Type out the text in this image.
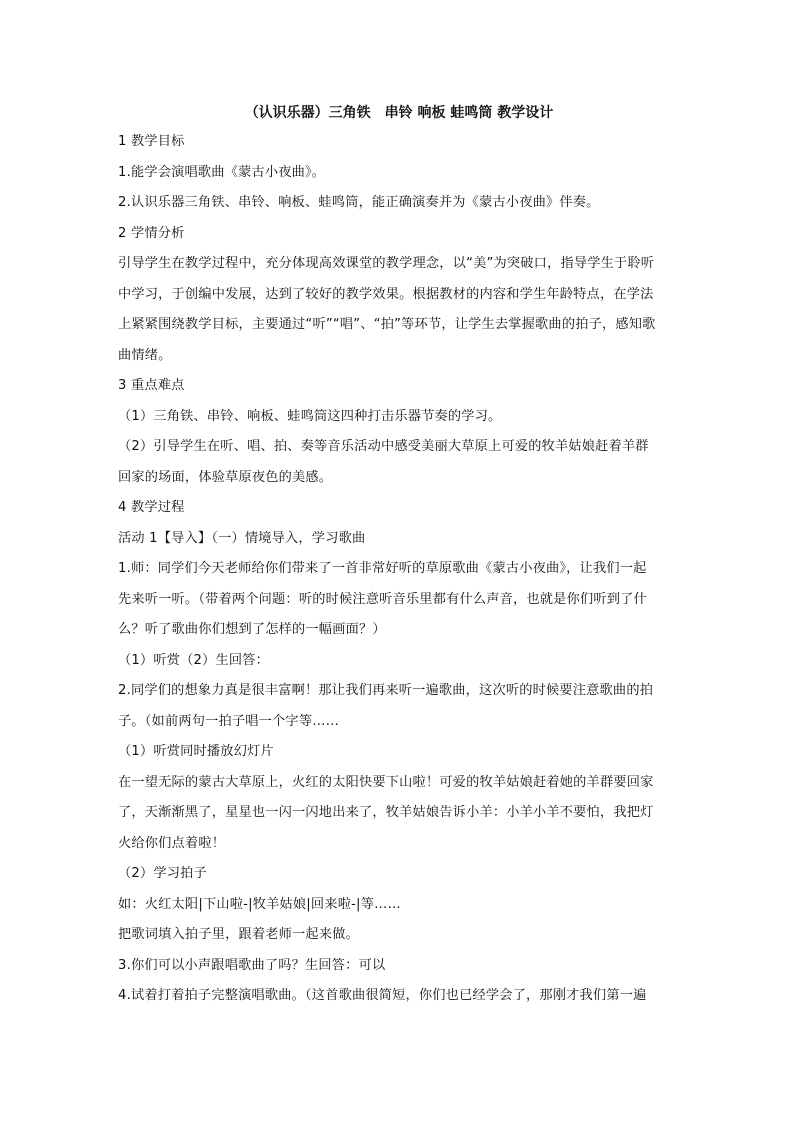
（认识乐器）三角铁　串铃 响板 蛙鸣筒 教学设计
1 教学目标
1.能学会演唱歌曲《蒙古小夜曲》。
2.认识乐器三角铁、串铃、响板、蛙鸣筒，能正确演奏并为《蒙古小夜曲》伴奏。
2 学情分析
引导学生在教学过程中，充分体现高效课堂的教学理念，以“美”为突破口，指导学生于聆听
中学习，于创编中发展，达到了较好的教学效果。根据教材的内容和学生年龄特点，在学法
上紧紧围绕教学目标，主要通过“听”“唱”、“拍”等环节，让学生去掌握歌曲的拍子，感知歌
曲情绪。
3 重点难点
（1）三角铁、串铃、响板、蛙鸣筒这四种打击乐器节奏的学习。
（2）引导学生在听、唱、拍、奏等音乐活动中感受美丽大草原上可爱的牧羊姑娘赶着羊群
回家的场面，体验草原夜色的美感。
4 教学过程
活动 1【导入】（一）情境导入，学习歌曲
1.师：同学们今天老师给你们带来了一首非常好听的草原歌曲《蒙古小夜曲》，让我们一起
先来听一听。（带着两个问题：听的时候注意听音乐里都有什么声音，也就是你们听到了什
么？听了歌曲你们想到了怎样的一幅画面？）
（1）听赏（2）生回答：
2.同学们的想象力真是很丰富啊！那让我们再来听一遍歌曲，这次听的时候要注意歌曲的拍
子。（如前两句一拍子唱一个字等……
（1）听赏同时播放幻灯片
在一望无际的蒙古大草原上，火红的太阳快要下山啦！可爱的牧羊姑娘赶着她的羊群要回家
了，天渐渐黑了，星星也一闪一闪地出来了，牧羊姑娘告诉小羊：小羊小羊不要怕，我把灯
火给你们点着啦！
（2）学习拍子
如：火红太阳|下山啦-|牧羊姑娘|回来啦-|等……
把歌词填入拍子里，跟着老师一起来做。
3.你们可以小声跟唱歌曲了吗？生回答：可以
4.试着打着拍子完整演唱歌曲。（这首歌曲很简短，你们也已经学会了，那刚才我们第一遍
